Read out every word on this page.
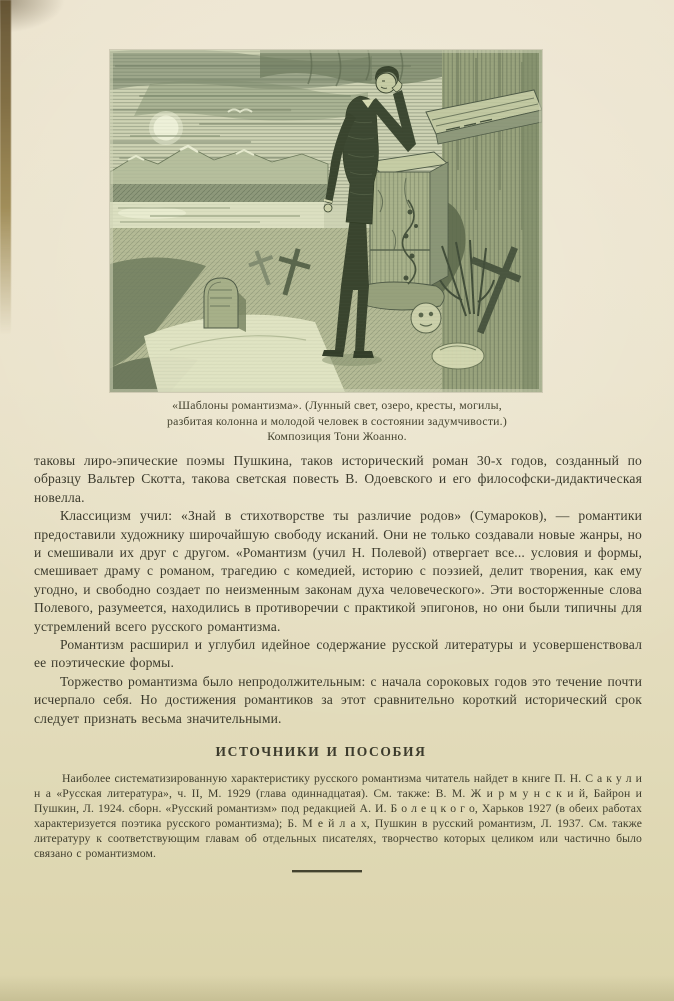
«Шаблоны романтизма». (Лунный свет, озеро, кресты, могилы,
разбитая колонна и молодой человек в состоянии задумчивости.)
Композиция Тони Жоанно.

таковы лиро-эпические поэмы Пушкина, таков исторический роман 30-х годов, созданный по образцу Вальтер Скотта, такова светская повесть В. Одоевского и его философски-дидактическая новелла.

Классицизм учил: «Знай в стихотворстве ты различие родов» (Сумароков), — романтики предоставили художнику широчайшую свободу исканий. Они не только создавали новые жанры, но и смешивали их друг с другом. «Романтизм (учил Н. Полевой) отвергает все... условия и формы, смешивает драму с романом, трагедию с комедией, историю с поэзией, делит творения, как ему угодно, и свободно создает по неизменным законам духа человеческого». Эти восторженные слова Полевого, разумеется, находились в противоречии с практикой эпигонов, но они были типичны для устремлений всего русского романтизма.

Романтизм расширил и углубил идейное содержание русской литературы и усовершенствовал ее поэтические формы.

Торжество романтизма было непродолжительным: с начала сороковых годов это течение почти исчерпало себя. Но достижения романтиков за этот сравнительно короткий исторический срок следует признать весьма значительными.

ИСТОЧНИКИ И ПОСОБИЯ

Наиболее систематизированную характеристику русского романтизма читатель найдет в книге П. Н. С а к у л и н а «Русская литература», ч. II, М. 1929 (глава одиннадцатая). См. также: В. М. Ж и р м у н с к и й, Байрон и Пушкин, Л. 1924. сборн. «Русский романтизм» под редакцией А. И. Б о л е ц к о г о, Харьков 1927 (в обеих работах характеризуется поэтика русского романтизма); Б. М е й л а х, Пушкин в русский романтизм, Л. 1937. См. также литературу к соответствующим главам об отдельных писателях, творчество которых целиком или частично было связано с романтизмом.
